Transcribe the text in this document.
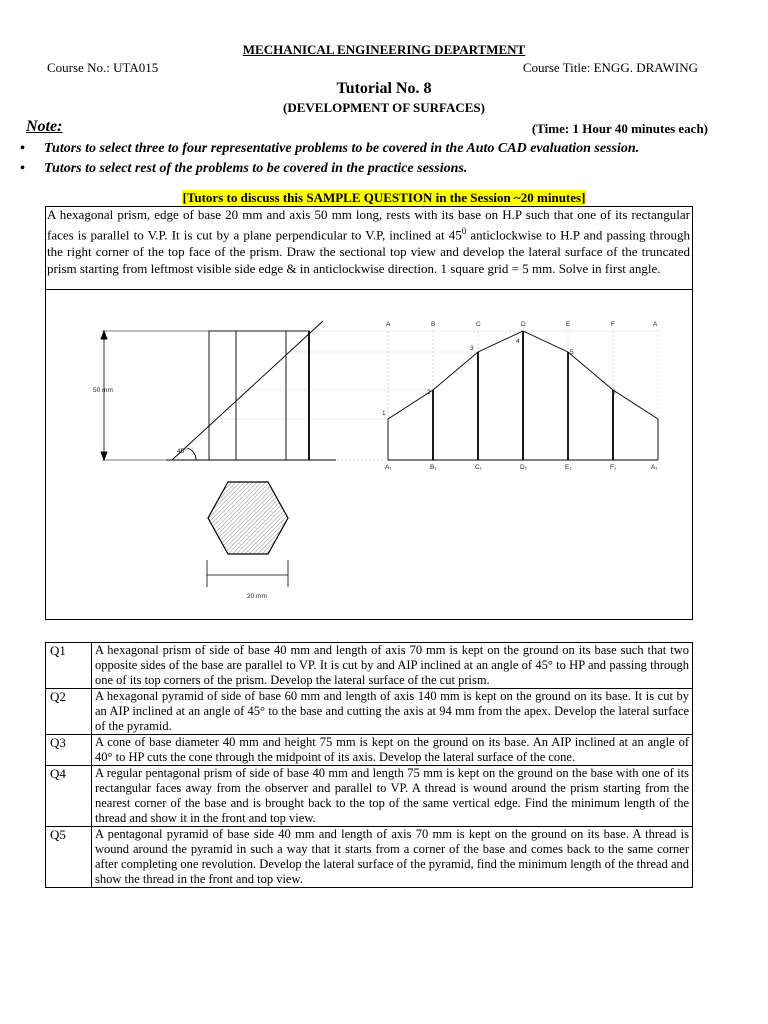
MECHANICAL ENGINEERING DEPARTMENT
Course No.: UTA015	Course Title: ENGG. DRAWING
Tutorial No. 8
(DEVELOPMENT OF SURFACES)
Note:	(Time: 1 Hour 40 minutes each)
•	Tutors to select three to four representative problems to be covered in the Auto CAD evaluation session.
•	Tutors to select rest of the problems to be covered in the practice sessions.
[Tutors to discuss this SAMPLE QUESTION in the Session ~20 minutes]
A hexagonal prism, edge of base 20 mm and axis 50 mm long, rests with its base on H.P such that one of its rectangular faces is parallel to V.P. It is cut by a plane perpendicular to V.P, inclined at $45^0$ anticlockwise to H.P and passing through the right corner of the top face of the prism. Draw the sectional top view and develop the lateral surface of the truncated prism starting from leftmost visible side edge & in anticlockwise direction. 1 square grid = 5 mm. Solve in first angle.
50 mm
45°
20 mm
A	B	C	D	E	F	A
A₁	B₁	C₁	D₁	E₁	F₁	A₁
1
2
3
4
5
6
Q1	A hexagonal prism of side of base 40 mm and length of axis 70 mm is kept on the ground on its base such that two opposite sides of the base are parallel to VP. It is cut by and AIP inclined at an angle of 45° to HP and passing through one of its top corners of the prism. Develop the lateral surface of the cut prism.
Q2	A hexagonal pyramid of side of base 60 mm and length of axis 140 mm is kept on the ground on its base. It is cut by an AIP inclined at an angle of 45° to the base and cutting the axis at 94 mm from the apex. Develop the lateral surface of the pyramid.
Q3	A cone of base diameter 40 mm and height 75 mm is kept on the ground on its base. An AIP inclined at an angle of 40° to HP cuts the cone through the midpoint of its axis. Develop the lateral surface of the cone.
Q4	A regular pentagonal prism of side of base 40 mm and length 75 mm is kept on the ground on the base with one of its rectangular faces away from the observer and parallel to VP. A thread is wound around the prism starting from the nearest corner of the base and is brought back to the top of the same vertical edge. Find the minimum length of the thread and show it in the front and top view.
Q5	A pentagonal pyramid of base side 40 mm and length of axis 70 mm is kept on the ground on its base. A thread is wound around the pyramid in such a way that it starts from a corner of the base and comes back to the same corner after completing one revolution. Develop the lateral surface of the pyramid, find the minimum length of the thread and show the thread in the front and top view.
